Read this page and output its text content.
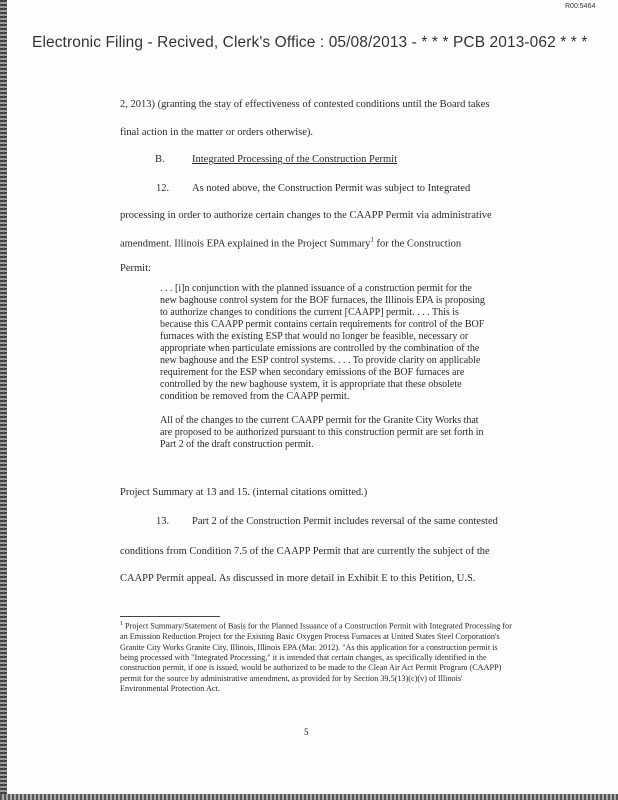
R00:5464
Electronic Filing - Recived, Clerk's Office : 05/08/2013 - * * * PCB 2013-062 * * *
2, 2013) (granting the stay of effectiveness of contested conditions until the Board takes
final action in the matter or orders otherwise).
B.	Integrated Processing of the Construction Permit
12. As noted above, the Construction Permit was subject to Integrated
processing in order to authorize certain changes to the CAAPP Permit via administrative
amendment. Illinois EPA explained in the Project Summary$^1$ for the Construction
Permit:

. . . [i]n conjunction with the planned issuance of a construction permit for the new baghouse control system for the BOF furnaces, the Illinois EPA is proposing to authorize changes to conditions the current [CAAPP] permit. . . . This is because this CAAPP permit contains certain requirements for control of the BOF furnaces with the existing ESP that would no longer be feasible, necessary or appropriate when particulate emissions are controlled by the combination of the new baghouse and the ESP control systems. . . . To provide clarity on applicable requirement for the ESP when secondary emissions of the BOF furnaces are controlled by the new baghouse system, it is appropriate that these obsolete condition be removed from the CAAPP permit.

All of the changes to the current CAAPP permit for the Granite City Works that are proposed to be authorized pursuant to this construction permit are set forth in Part 2 of the draft construction permit.

Project Summary at 13 and 15. (internal citations omitted.)
13. Part 2 of the Construction Permit includes reversal of the same contested
conditions from Condition 7.5 of the CAAPP Permit that are currently the subject of the
CAAPP Permit appeal. As discussed in more detail in Exhibit E to this Petition, U.S.
$^1$ Project Summary/Statement of Basis for the Planned Issuance of a Construction Permit with Integrated Processing for an Emission Reduction Project for the Existing Basic Oxygen Process Furnaces at United States Steel Corporation's Granite City Works Granite City, Illinois, Illinois EPA (Mar. 2012). "As this application for a construction permit is being processed with "Integrated Processing," it is intended that certain changes, as specifically identified in the construction permit, if one is issued, would be authorized to be made to the Clean Air Act Permit Program (CAAPP) permit for the source by administrative amendment, as provided for by Section 39.5(13)(c)(v) of Illinois' Environmental Protection Act.
5
